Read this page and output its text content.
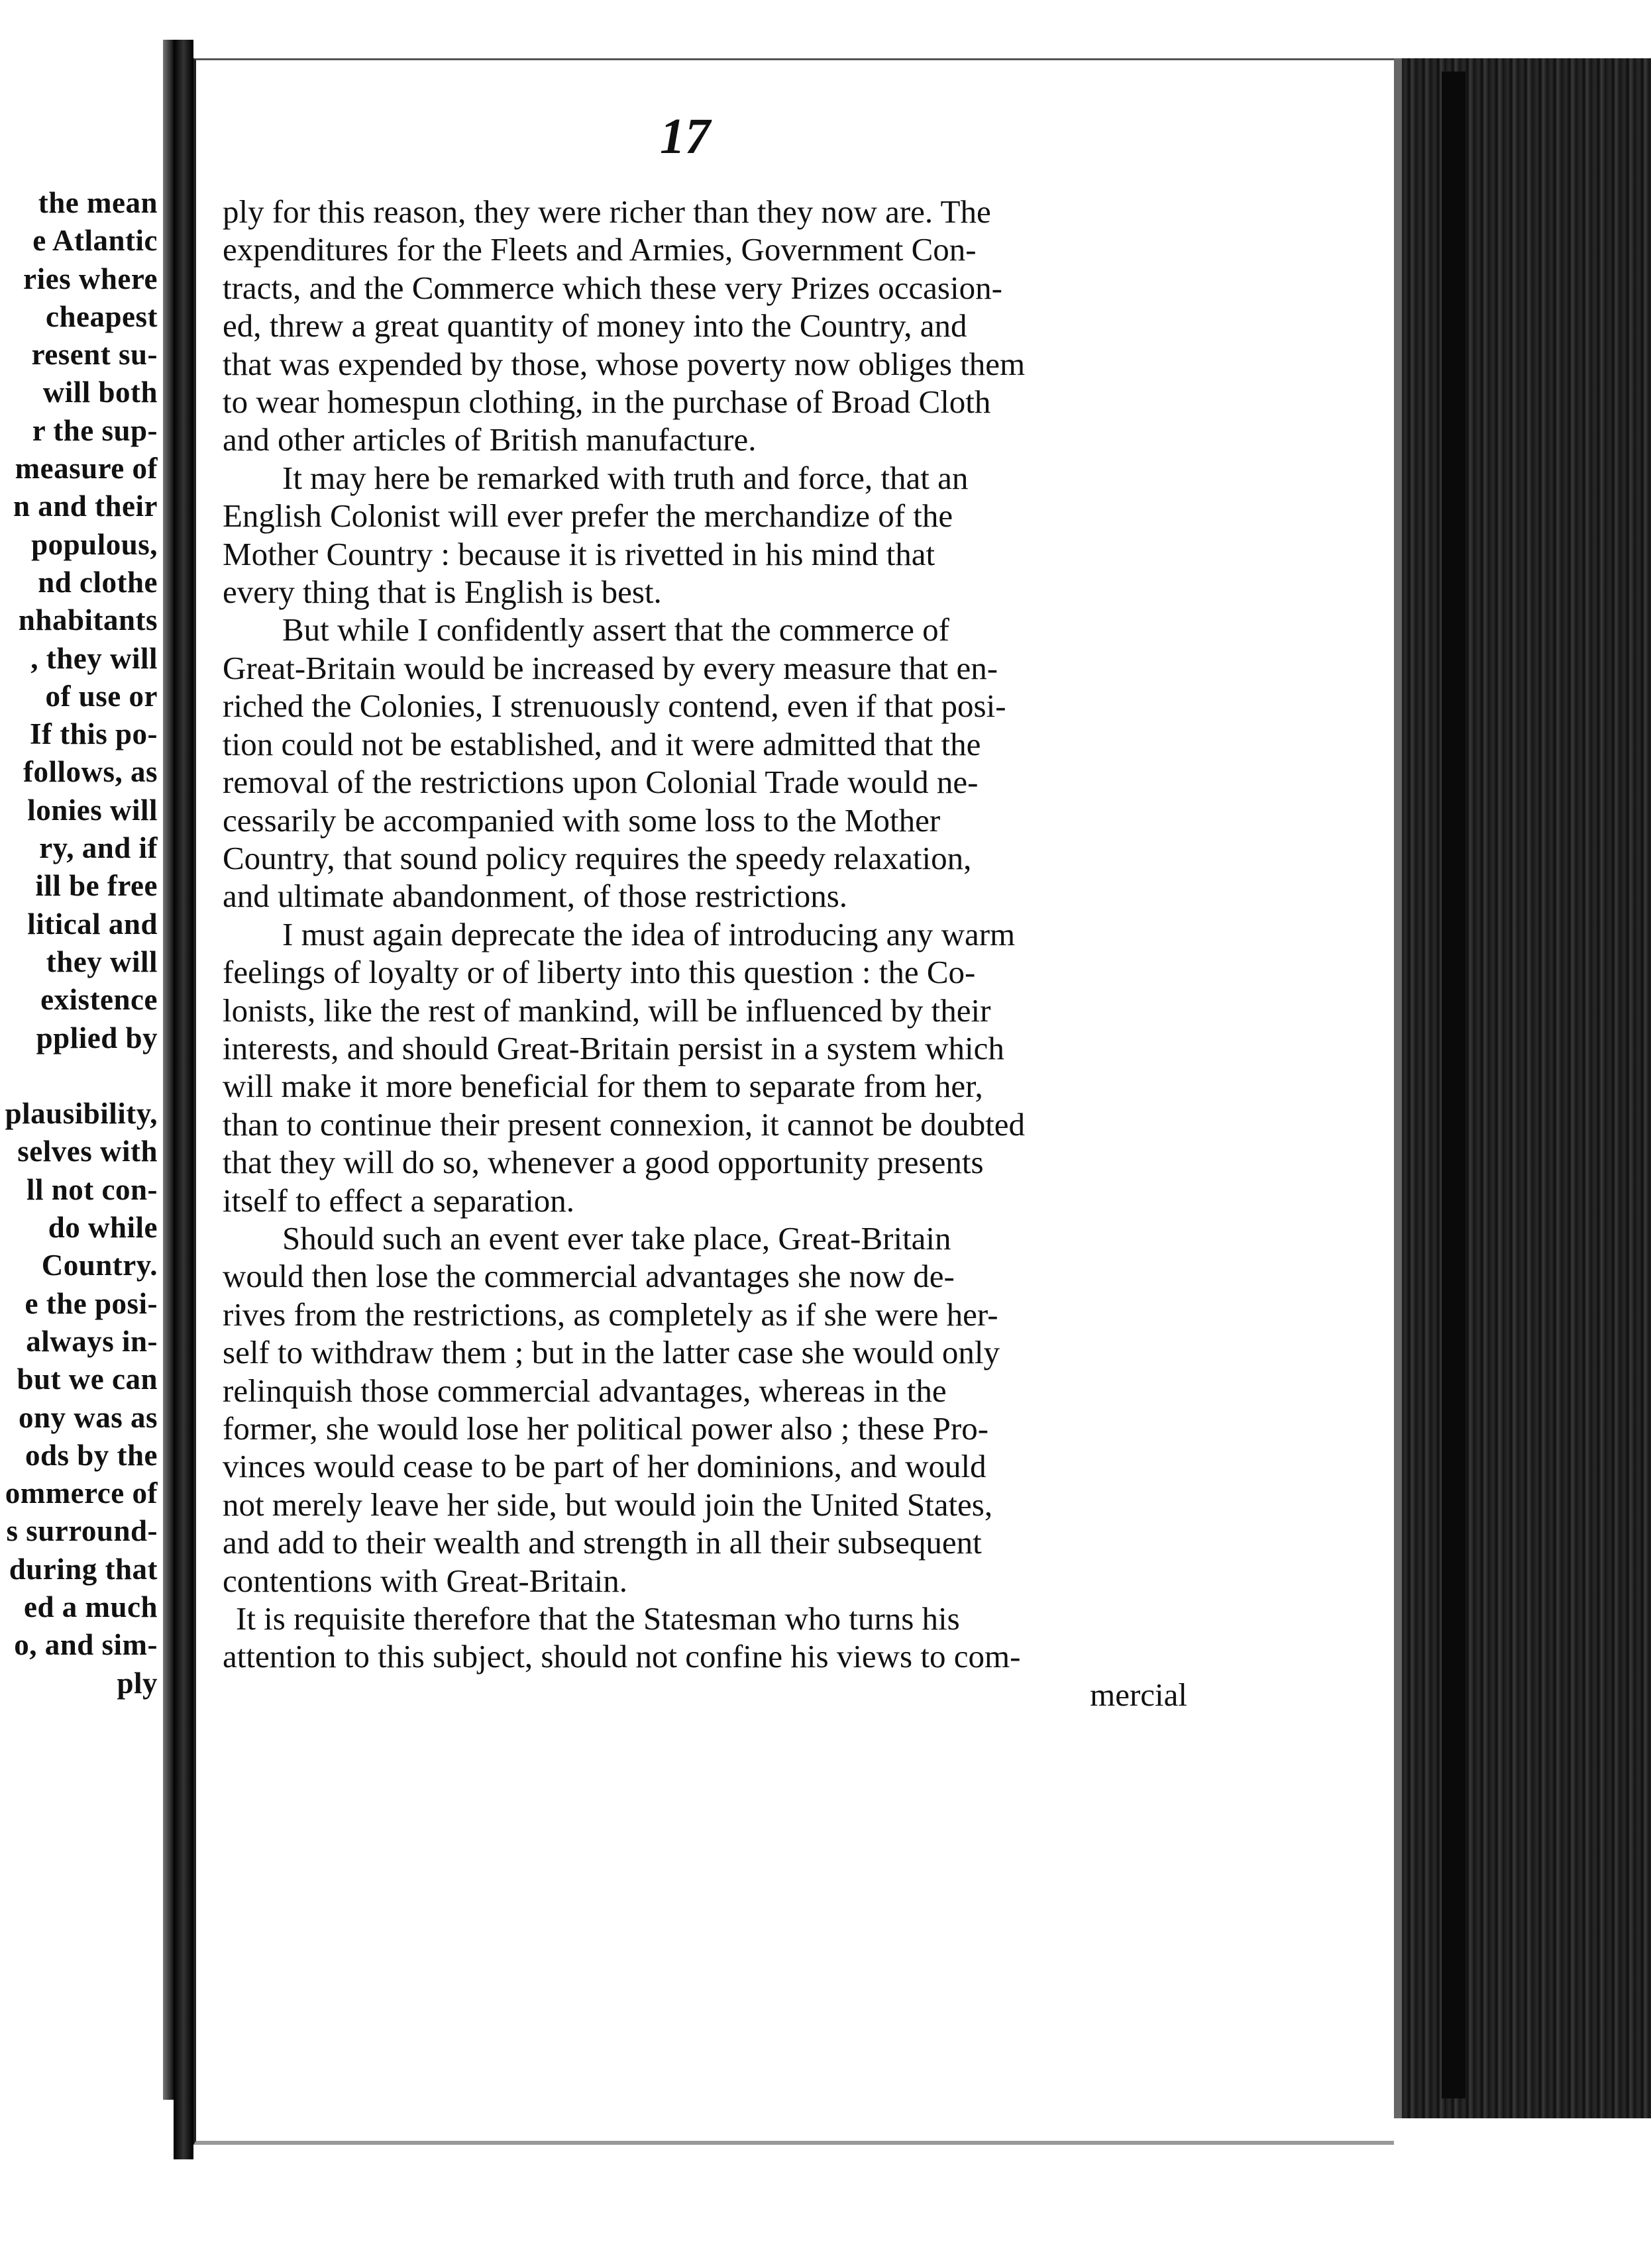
the mean
e Atlantic
ries where
cheapest
resent su-
will both
r the sup-
measure of
n and their
populous,
nd clothe
nhabitants
, they will
of use or
If this po-
follows, as
lonies will
ry, and if
ill be free
litical and
they will
existence
pplied by

plausibility,
selves with
ll not con-
do while
Country.
e the posi-
always in-
but we can
ony was as
ods by the
ommerce of
s surround-
during that
ed a much
o, and sim-
ply
17
ply for this reason, they were richer than they now are. The
expenditures for the Fleets and Armies, Government Con-
tracts, and the Commerce which these very Prizes occasion-
ed, threw a great quantity of money into the Country, and
that was expended by those, whose poverty now obliges them
to wear homespun clothing, in the purchase of Broad Cloth
and other articles of British manufacture.
It may here be remarked with truth and force, that an
English Colonist will ever prefer the merchandize of the
Mother Country : because it is rivetted in his mind that
every thing that is English is best.
But while I confidently assert that the commerce of
Great-Britain would be increased by every measure that en-
riched the Colonies, I strenuously contend, even if that posi-
tion could not be established, and it were admitted that the
removal of the restrictions upon Colonial Trade would ne-
cessarily be accompanied with some loss to the Mother
Country, that sound policy requires the speedy relaxation,
and ultimate abandonment, of those restrictions.
I must again deprecate the idea of introducing any warm
feelings of loyalty or of liberty into this question : the Co-
lonists, like the rest of mankind, will be influenced by their
interests, and should Great-Britain persist in a system which
will make it more beneficial for them to separate from her,
than to continue their present connexion, it cannot be doubted
that they will do so, whenever a good opportunity presents
itself to effect a separation.
Should such an event ever take place, Great-Britain
would then lose the commercial advantages she now de-
rives from the restrictions, as completely as if she were her-
self to withdraw them ; but in the latter case she would only
relinquish those commercial advantages, whereas in the
former, she would lose her political power also ; these Pro-
vinces would cease to be part of her dominions, and would
not merely leave her side, but would join the United States,
and add to their wealth and strength in all their subsequent
contentions with Great-Britain.
It is requisite therefore that the Statesman who turns his
attention to this subject, should not confine his views to com-
mercial
